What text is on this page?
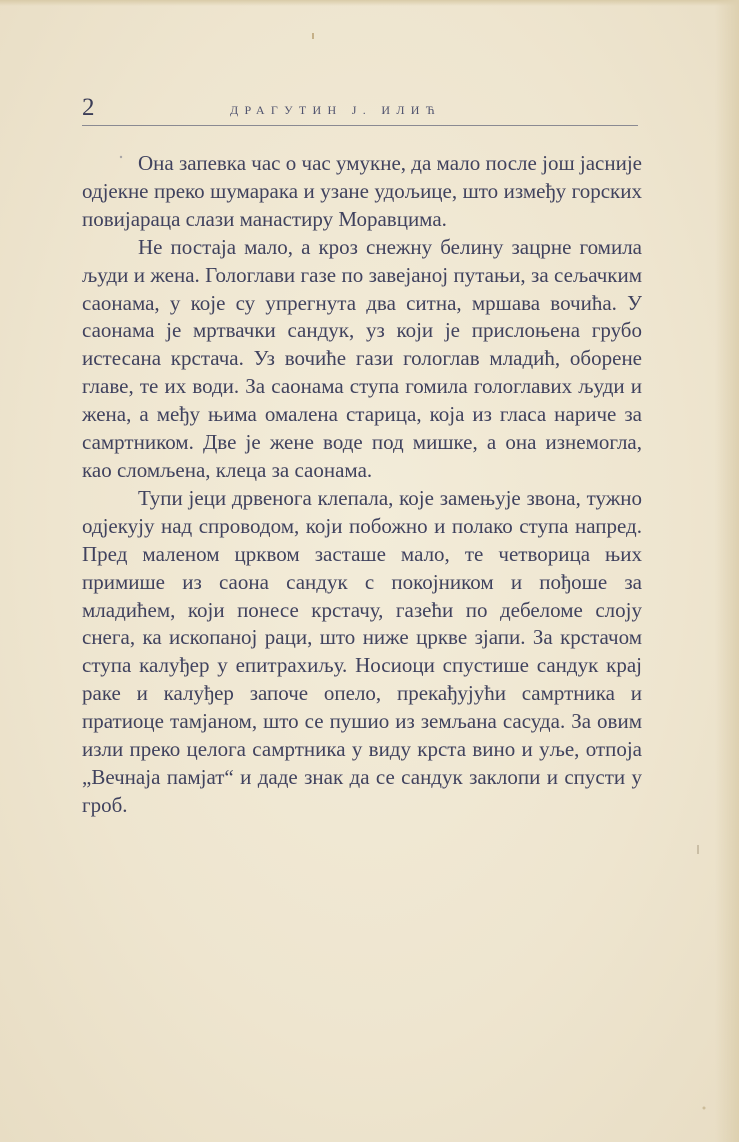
2	ДРАГУТИН Ј. ИЛИЋ

Она запевка час о час умукне, да мало после још јасније одјекне преко шумарака и узане удољице, што између горских повијараца слази манастиру Моравцима.

Не постаја мало, а кроз снежну белину зацрне гомила људи и жена. Гологлави газе по завејаној путањи, за сељачким саонама, у које су упрегнута два ситна, мршава вочића. У саонама је мртвачки сандук, уз који је прислоњена грубо истесана крстача. Уз вочиће гази гологлав младић, оборене главе, те их води. За саонама ступа гомила гологлавих људи и жена, а међу њима омалена старица, која из гласа нариче за самртником. Две је жене воде под мишке, а она изнемогла, као сломљена, клеца за саонама.

Тупи јеци дрвенога клепала, које замењује звона, тужно одјекују над спроводом, који побожно и полако ступа напред. Пред маленом црквом засташе мало, те четворица њих примише из саона сандук с покојником и пођоше за младићем, који понесе крстачу, газећи по дебеломе слоју снега, ка ископаној раци, што ниже цркве зјапи. За крстачом ступа калуђер у епитрахиљу. Носиоци спустише сандук крај раке и калуђер започе опело, прекађујући самртника и пратиоце тамјаном, што се пушио из земљана сасуда. За овим изли преко целога самртника у виду крста вино и уље, отпоја „Вечнаја памјат“ и даде знак да се сандук заклопи и спусти у гроб.
